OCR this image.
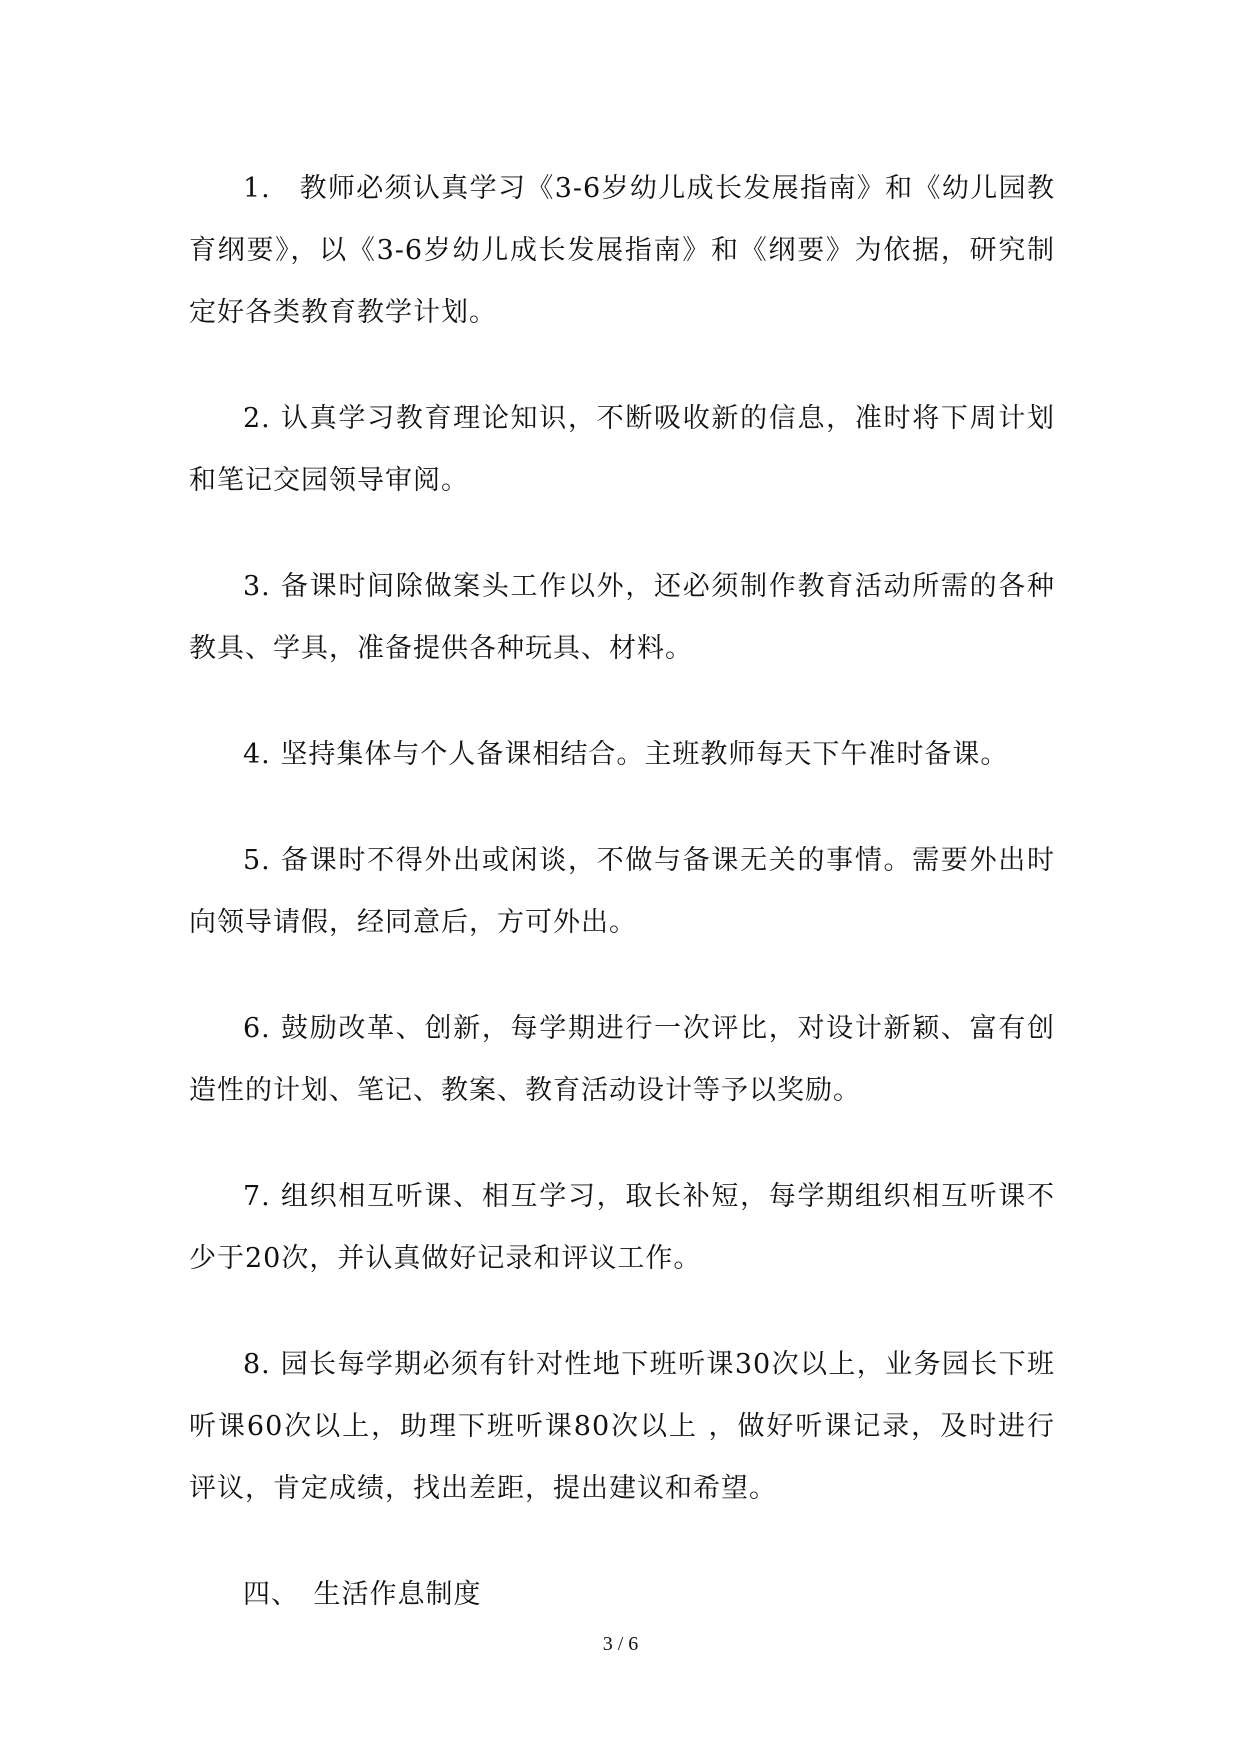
1.　教师必须认真学习《3-6岁幼儿成长发展指南》和《幼儿园教育纲要》，以《3-6岁幼儿成长发展指南》和《纲要》为依据，研究制定好各类教育教学计划。

2. 认真学习教育理论知识，不断吸收新的信息，准时将下周计划和笔记交园领导审阅。

3. 备课时间除做案头工作以外，还必须制作教育活动所需的各种教具、学具，准备提供各种玩具、材料。

4. 坚持集体与个人备课相结合。主班教师每天下午准时备课。

5. 备课时不得外出或闲谈，不做与备课无关的事情。需要外出时向领导请假，经同意后，方可外出。

6. 鼓励改革、创新，每学期进行一次评比，对设计新颖、富有创造性的计划、笔记、教案、教育活动设计等予以奖励。

7. 组织相互听课、相互学习，取长补短，每学期组织相互听课不少于20次，并认真做好记录和评议工作。

8. 园长每学期必须有针对性地下班听课30次以上，业务园长下班听课60次以上，助理下班听课80次以上 ，做好听课记录，及时进行评议，肯定成绩，找出差距，提出建议和希望。

四、　生活作息制度
3 / 6
